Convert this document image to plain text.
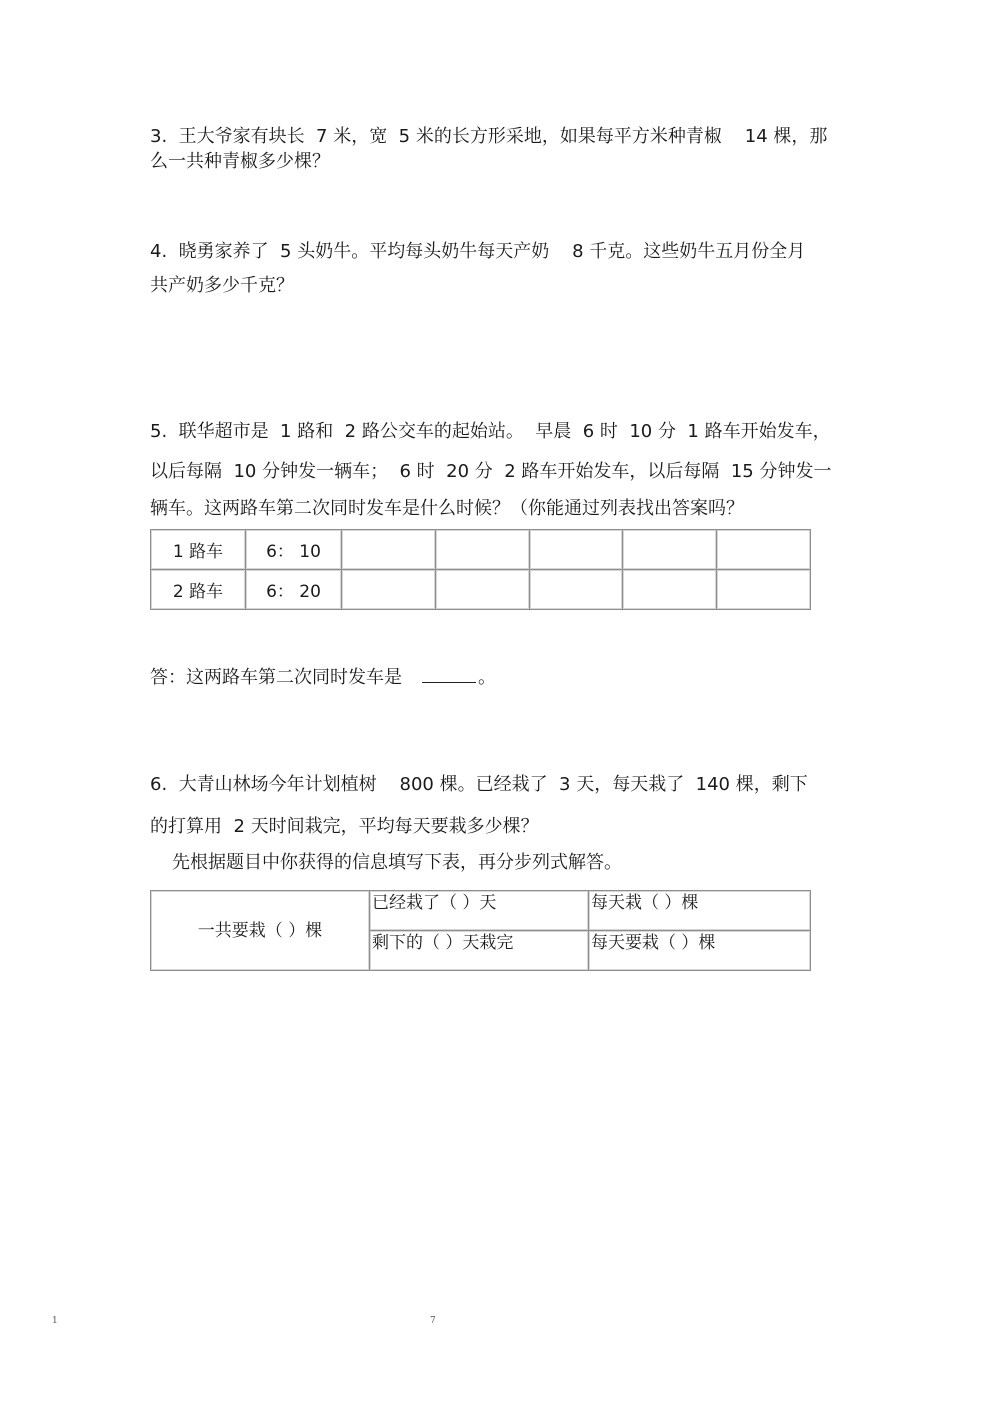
3.  王大爷家有块长  7 米，宽  5 米的长方形采地，如果每平方米种青椒    14 棵，那
么一共种青椒多少棵？
4.  晓勇家养了  5 头奶牛。平均每头奶牛每天产奶    8 千克。这些奶牛五月份全月
共产奶多少千克？
5.  联华超市是  1 路和  2 路公交车的起始站。  早晨  6 时  10 分  1 路车开始发车，
以后每隔  10 分钟发一辆车；  6 时  20 分  2 路车开始发车，以后每隔  15 分钟发一
辆车。这两路车第二次同时发车是什么时候？（你能通过列表找出答案吗？
1 路车	6： 10					
2 路车	6： 20					
答：这两路车第二次同时发车是	。
6.  大青山林场今年计划植树    800 棵。已经栽了  3 天，每天栽了  140 棵，剩下
的打算用  2 天时间栽完，平均每天要栽多少棵？
先根据题目中你获得的信息填写下表，再分步列式解答。
一共要栽（ ）棵	已经栽了（ ）天	每天栽（ ）棵
	剩下的（ ）天栽完	每天要栽（ ）棵
1	7
